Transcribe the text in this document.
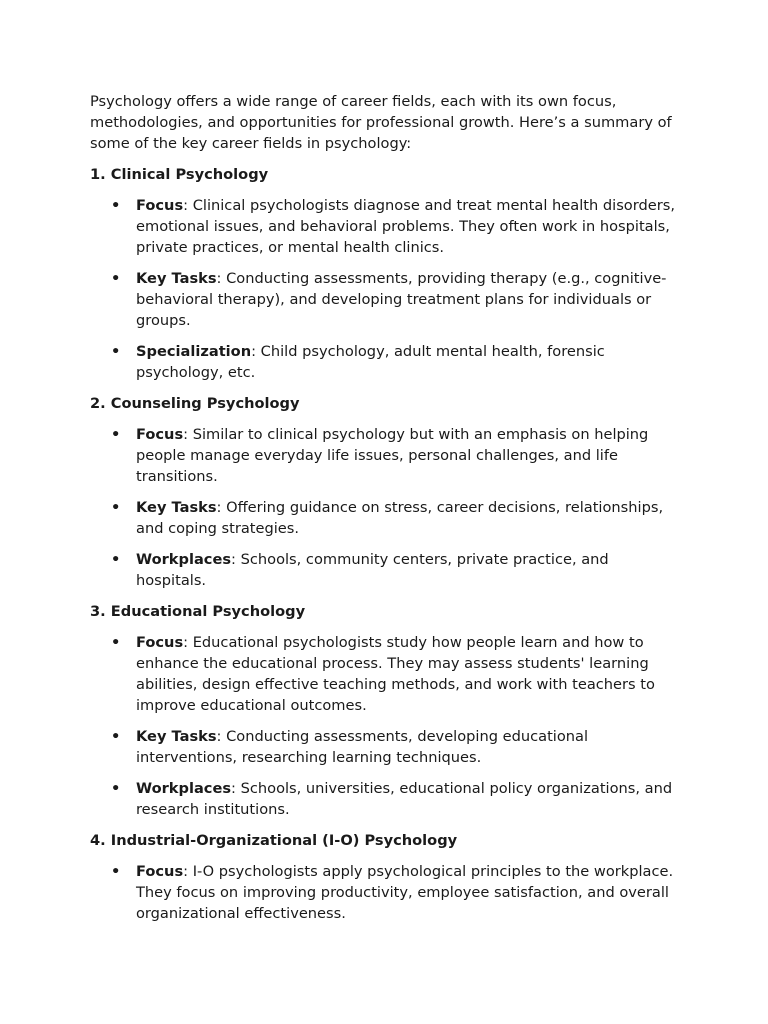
Psychology offers a wide range of career fields, each with its own focus, methodologies, and opportunities for professional growth. Here’s a summary of some of the key career fields in psychology:

1. Clinical Psychology
• Focus: Clinical psychologists diagnose and treat mental health disorders, emotional issues, and behavioral problems. They often work in hospitals, private practices, or mental health clinics.
• Key Tasks: Conducting assessments, providing therapy (e.g., cognitive-behavioral therapy), and developing treatment plans for individuals or groups.
• Specialization: Child psychology, adult mental health, forensic psychology, etc.
2. Counseling Psychology
• Focus: Similar to clinical psychology but with an emphasis on helping people manage everyday life issues, personal challenges, and life transitions.
• Key Tasks: Offering guidance on stress, career decisions, relationships, and coping strategies.
• Workplaces: Schools, community centers, private practice, and hospitals.
3. Educational Psychology
• Focus: Educational psychologists study how people learn and how to enhance the educational process. They may assess students' learning abilities, design effective teaching methods, and work with teachers to improve educational outcomes.
• Key Tasks: Conducting assessments, developing educational interventions, researching learning techniques.
• Workplaces: Schools, universities, educational policy organizations, and research institutions.
4. Industrial-Organizational (I-O) Psychology
• Focus: I-O psychologists apply psychological principles to the workplace. They focus on improving productivity, employee satisfaction, and overall organizational effectiveness.
